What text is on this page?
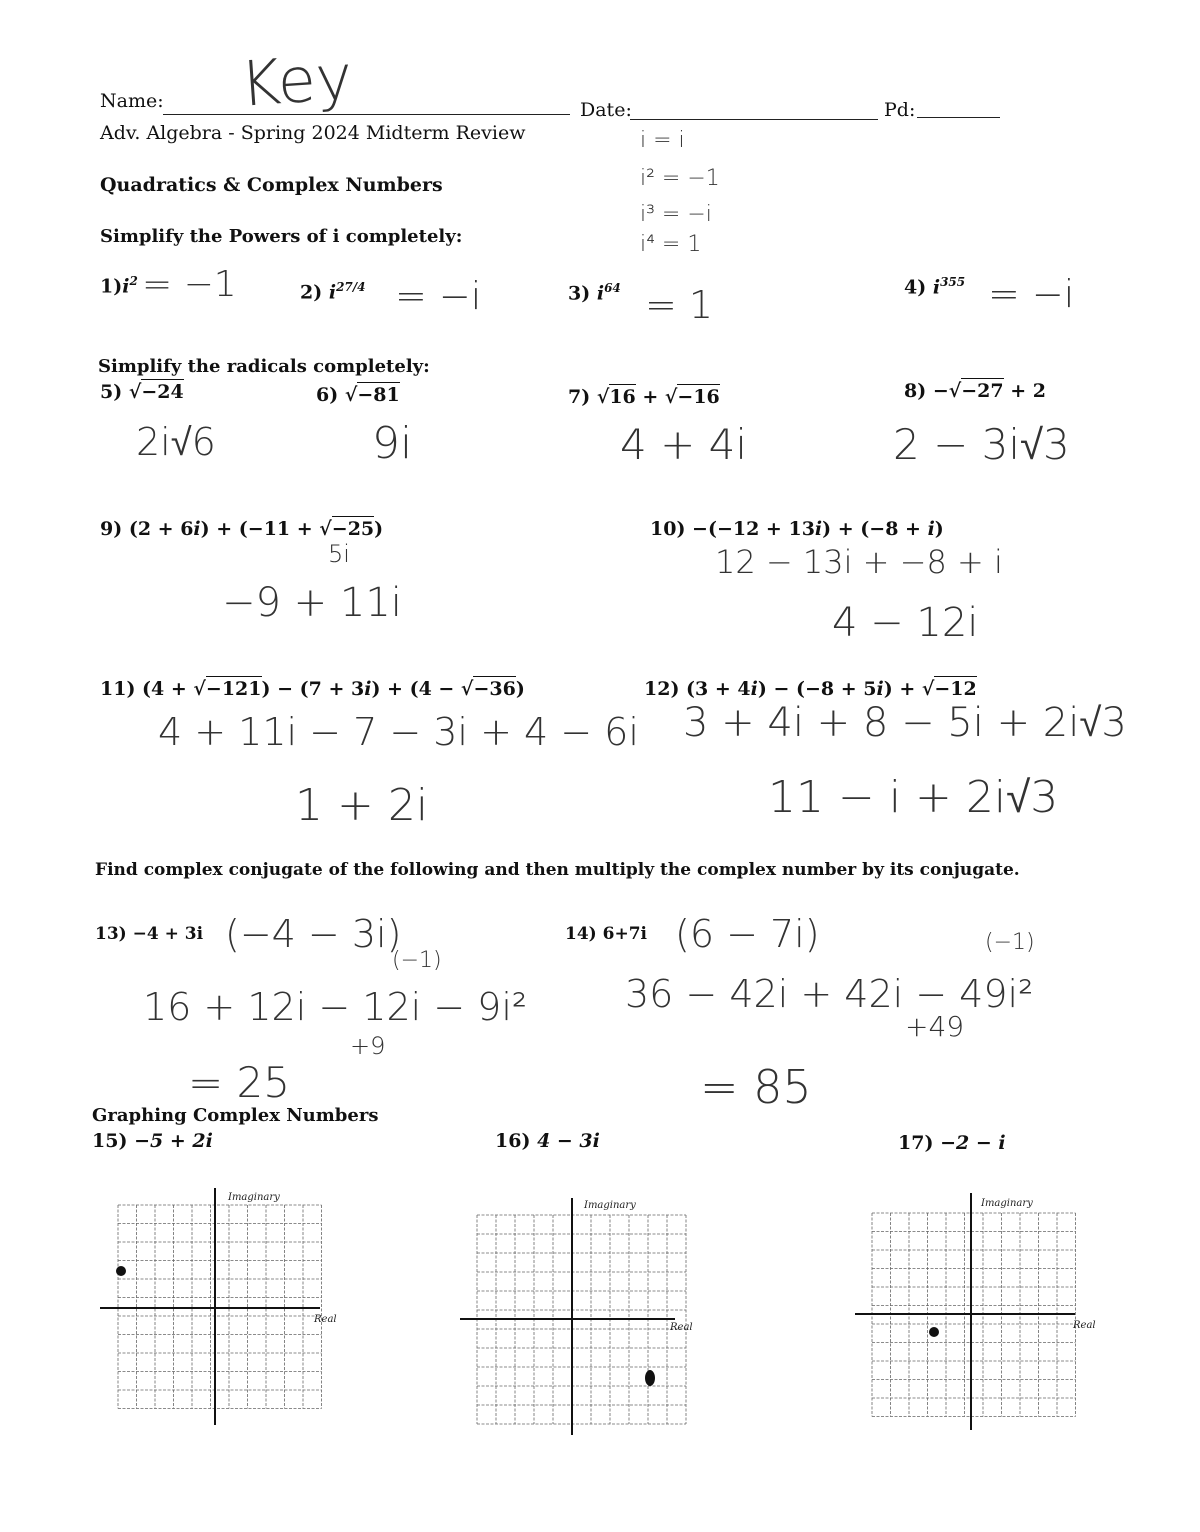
Name: Key	Date:	Pd:
Adv. Algebra - Spring 2024 Midterm Review
Quadratics & Complex Numbers
Simplify the Powers of i completely:
i = i
i² = −1
i³ = −i
i⁴ = 1
$1)i^2 = -1$	2) $i^{27/4} = -i$	3) $i^{64} = 1$	4) $i^{355} = -i$
Simplify the radicals completely:
5) √−24
2i√6
6) √−81
9i
7) √16 + √−16
4 + 4i
8) −√−27 + 2
2 − 3i√3
9) (2 + 6i) + (−11 + √−25)
5i
−9 + 11i
10) −(−12 + 13i) + (−8 + i)
12 − 13i + −8 + i
4 − 12i
11) (4 + √−121) − (7 + 3i) + (4 − √−36)
4 + 11i − 7 − 3i + 4 − 6i
1 + 2i
12) (3 + 4i) − (−8 + 5i) + √−12
3 + 4i + 8 − 5i + 2i√3
11 − i + 2i√3
Find complex conjugate of the following and then multiply the complex number by its conjugate.
13) −4 + 3i (−4 − 3i)
(−1)
16 + 12i − 12i − 9i²
+9
= 25
14) 6+7i (6 − 7i)	(−1)
36 − 42i + 42i − 49i²
+49
= 85
Graphing Complex Numbers
15) −5 + 2i	16) 4 − 3i	17) −2 − i
Imaginary
Real
Imaginary
Real
Imaginary
Real
